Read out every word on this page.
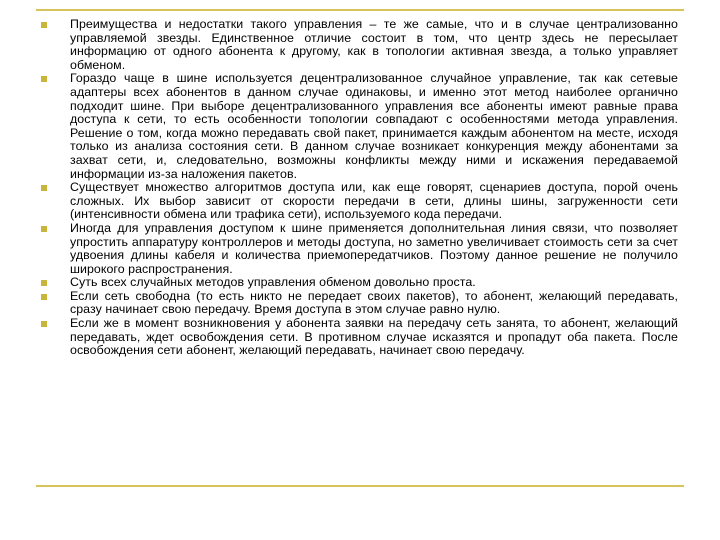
Преимущества и недостатки такого управления – те же самые, что и в случае централизованно управляемой звезды. Единственное отличие состоит в том, что центр здесь не пересылает информацию от одного абонента к другому, как в топологии активная звезда, а только управляет обменом.
Гораздо чаще в шине используется децентрализованное случайное управление, так как сетевые адаптеры всех абонентов в данном случае одинаковы, и именно этот метод наиболее органично подходит шине. При выборе децентрализованного управления все абоненты имеют равные права доступа к сети, то есть особенности топологии совпадают с особенностями метода управления. Решение о том, когда можно передавать свой пакет, принимается каждым абонентом на месте, исходя только из анализа состояния сети. В данном случае возникает конкуренция между абонентами за захват сети, и, следовательно, возможны конфликты между ними и искажения передаваемой информации из-за наложения пакетов.
Существует множество алгоритмов доступа или, как еще говорят, сценариев доступа, порой очень сложных. Их выбор зависит от скорости передачи в сети, длины шины, загруженности сети (интенсивности обмена или трафика сети), используемого кода передачи.
Иногда для управления доступом к шине применяется дополнительная линия связи, что позволяет упростить аппаратуру контроллеров и методы доступа, но заметно увеличивает стоимость сети за счет удвоения длины кабеля и количества приемопередатчиков. Поэтому данное решение не получило широкого распространения.
Суть всех случайных методов управления обменом довольно проста.
Если сеть свободна (то есть никто не передает своих пакетов), то абонент, желающий передавать, сразу начинает свою передачу. Время доступа в этом случае равно нулю.
Если же в момент возникновения у абонента заявки на передачу сеть занята, то абонент, желающий передавать, ждет освобождения сети. В противном случае исказятся и пропадут оба пакета. После освобождения сети абонент, желающий передавать, начинает свою передачу.
